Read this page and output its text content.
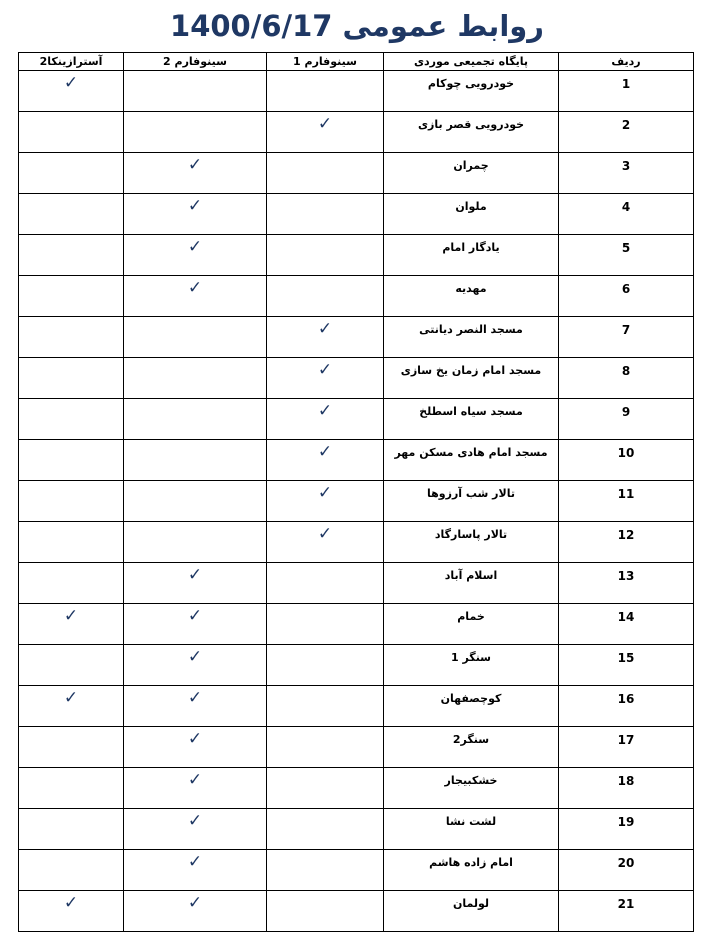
روابط عمومی 1400/6/17
ردیف	پایگاه تجمیعی موردی	سینوفارم 1	سینوفارم 2	آسترازینکا2

1	خودرویی چوکام			✓

2	خودرویی قصر بازی	✓		

3	چمران		✓	

4	ملوان		✓	

5	یادگار امام		✓	

6	مهدیه		✓	

7	مسجد النصر دیانتی	✓		

8	مسجد امام زمان یخ سازی	✓		

9	مسجد سیاه اسطلخ	✓		

10	مسجد امام هادی مسکن مهر	✓		

11	تالار شب آرزوها	✓		

12	تالار پاسارگاد	✓		

13	اسلام آباد		✓	

14	خمام		✓	✓

15	سنگر 1		✓	

16	کوچصفهان		✓	✓

17	سنگر2		✓	

18	خشکبیجار		✓	

19	لشت نشا		✓	

20	امام زاده هاشم		✓	

21	لولمان		✓	✓
